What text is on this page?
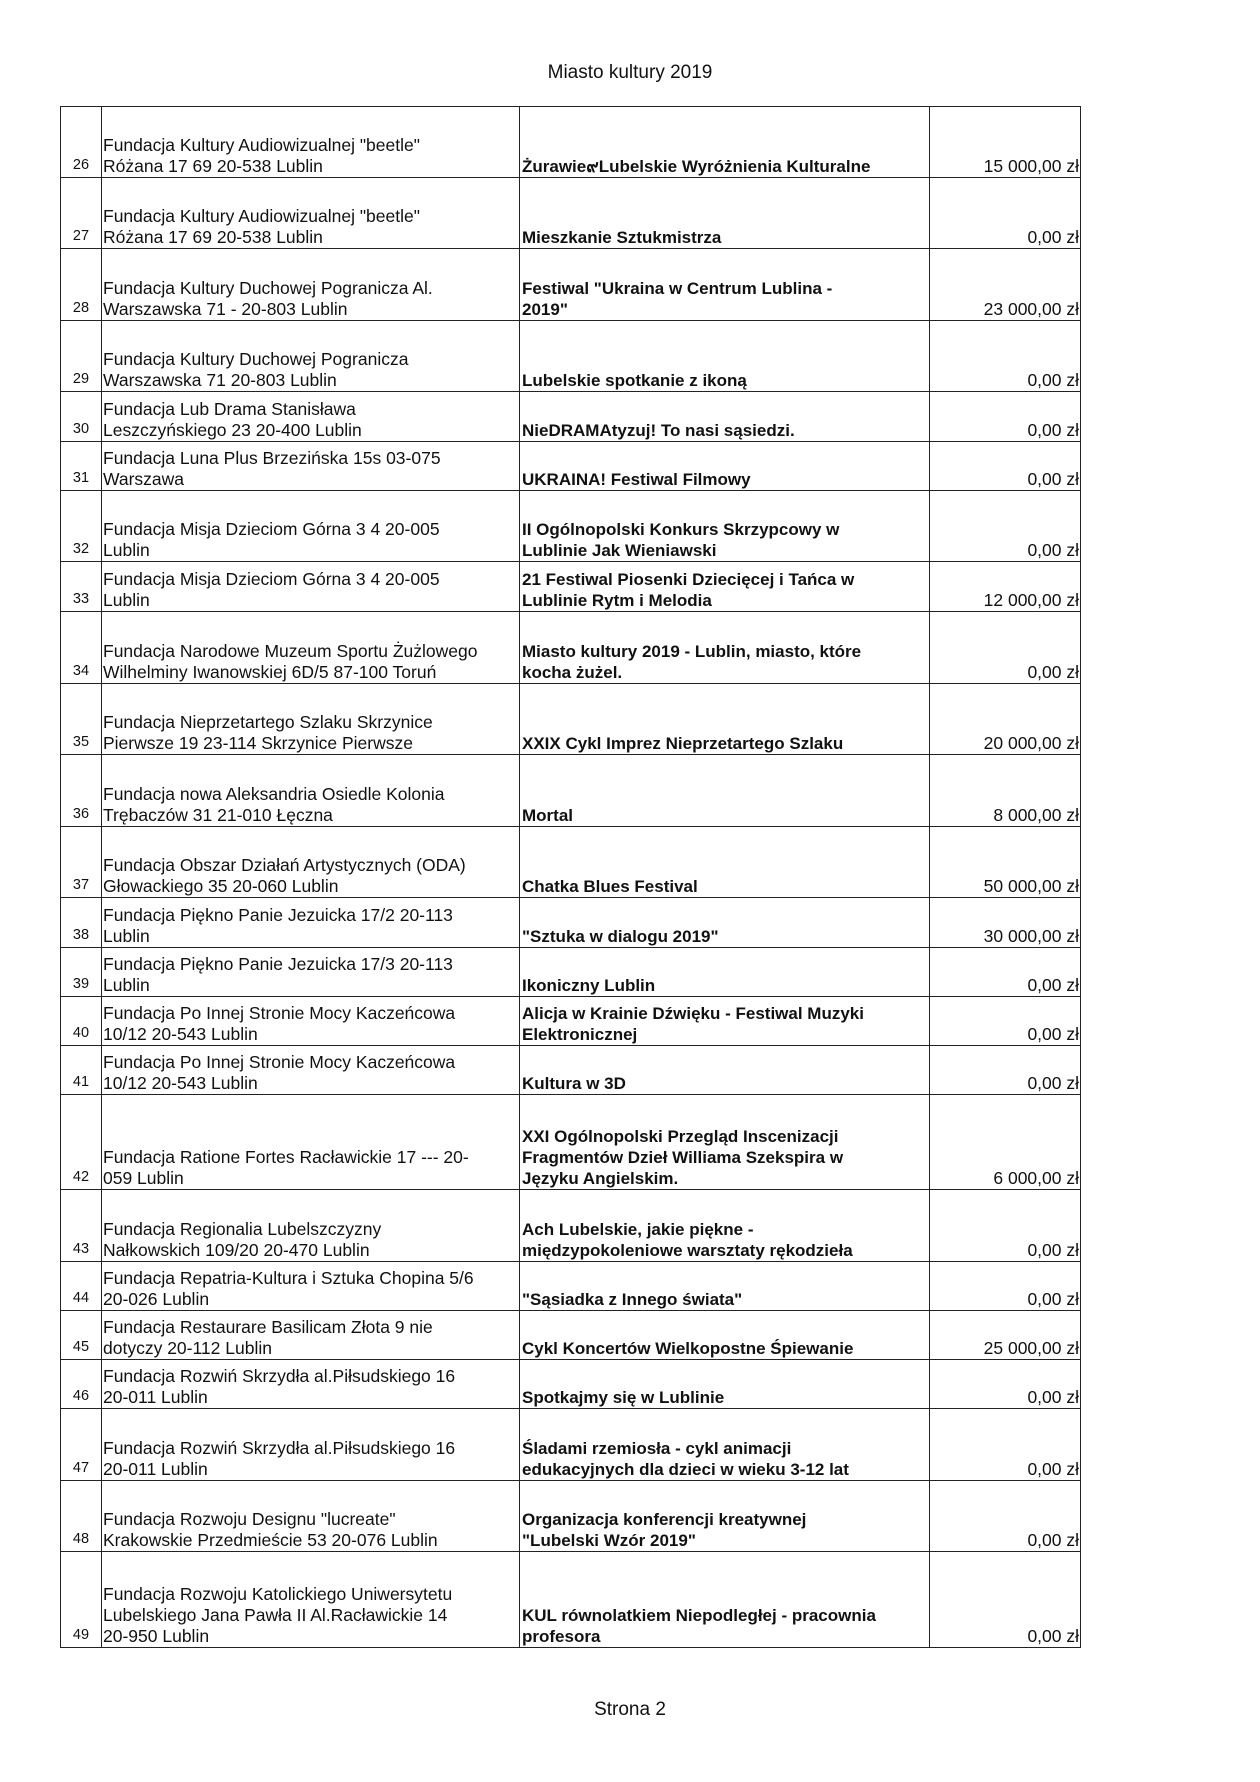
Miasto kultury 2019
26	Fundacja Kultury Audiowizualnej "beetle"
Różana 17 69 20-538 Lublin	Żurawie๙Lubelskie Wyróżnienia Kulturalne	15 000,00 zł
27	Fundacja Kultury Audiowizualnej "beetle"
Różana 17 69 20-538 Lublin	Mieszkanie Sztukmistrza	0,00 zł
28	Fundacja Kultury Duchowej Pogranicza Al.
Warszawska 71 - 20-803 Lublin	Festiwal "Ukraina w Centrum Lublina -
2019"	23 000,00 zł
29	Fundacja Kultury Duchowej Pogranicza
Warszawska 71 20-803 Lublin	Lubelskie spotkanie z ikoną	0,00 zł
30	Fundacja Lub Drama Stanisława
Leszczyńskiego 23 20-400 Lublin	NieDRAMAtyzuj! To nasi sąsiedzi.	0,00 zł
31	Fundacja Luna Plus Brzezińska 15s 03-075
Warszawa	UKRAINA! Festiwal Filmowy	0,00 zł
32	Fundacja Misja Dzieciom Górna 3 4 20-005
Lublin	II Ogólnopolski Konkurs Skrzypcowy w
Lublinie Jak Wieniawski	0,00 zł
33	Fundacja Misja Dzieciom Górna 3 4 20-005
Lublin	21 Festiwal Piosenki Dziecięcej i Tańca w
Lublinie Rytm i Melodia	12 000,00 zł
34	Fundacja Narodowe Muzeum Sportu Żużlowego
Wilhelminy Iwanowskiej 6D/5 87-100 Toruń	Miasto kultury 2019 - Lublin, miasto, które
kocha żużel.	0,00 zł
35	Fundacja Nieprzetartego Szlaku Skrzynice
Pierwsze 19 23-114 Skrzynice Pierwsze	XXIX Cykl Imprez Nieprzetartego Szlaku	20 000,00 zł
36	Fundacja nowa Aleksandria Osiedle Kolonia
Trębaczów 31 21-010 Łęczna	Mortal	8 000,00 zł
37	Fundacja Obszar Działań Artystycznych (ODA)
Głowackiego 35 20-060 Lublin	Chatka Blues Festival	50 000,00 zł
38	Fundacja Piękno Panie Jezuicka 17/2 20-113
Lublin	"Sztuka w dialogu 2019"	30 000,00 zł
39	Fundacja Piękno Panie Jezuicka 17/3 20-113
Lublin	Ikoniczny Lublin	0,00 zł
40	Fundacja Po Innej Stronie Mocy Kaczeńcowa
10/12 20-543 Lublin	Alicja w Krainie Dźwięku - Festiwal Muzyki
Elektronicznej	0,00 zł
41	Fundacja Po Innej Stronie Mocy Kaczeńcowa
10/12 20-543 Lublin	Kultura w 3D	0,00 zł
42	Fundacja Ratione Fortes Racławickie 17 --- 20-
059 Lublin	XXI Ogólnopolski Przegląd Inscenizacji
Fragmentów Dzieł Williama Szekspira w
Języku Angielskim.	6 000,00 zł
43	Fundacja Regionalia Lubelszczyzny
Nałkowskich 109/20 20-470 Lublin	Ach Lubelskie, jakie piękne -
międzypokoleniowe warsztaty rękodzieła	0,00 zł
44	Fundacja Repatria-Kultura i Sztuka Chopina 5/6
20-026 Lublin	"Sąsiadka z Innego świata"	0,00 zł
45	Fundacja Restaurare Basilicam Złota 9 nie
dotyczy 20-112 Lublin	Cykl Koncertów Wielkopostne Śpiewanie	25 000,00 zł
46	Fundacja Rozwiń Skrzydła al.Piłsudskiego 16
20-011 Lublin	Spotkajmy się w Lublinie	0,00 zł
47	Fundacja Rozwiń Skrzydła al.Piłsudskiego 16
20-011 Lublin	Śladami rzemiosła - cykl animacji
edukacyjnych dla dzieci w wieku 3-12 lat	0,00 zł
48	Fundacja Rozwoju Designu "lucreate"
Krakowskie Przedmieście 53 20-076 Lublin	Organizacja konferencji kreatywnej
"Lubelski Wzór 2019"	0,00 zł
49	Fundacja Rozwoju Katolickiego Uniwersytetu
Lubelskiego Jana Pawła II Al.Racławickie 14
20-950 Lublin	KUL równolatkiem Niepodległej - pracownia
profesora	0,00 zł
Strona 2
